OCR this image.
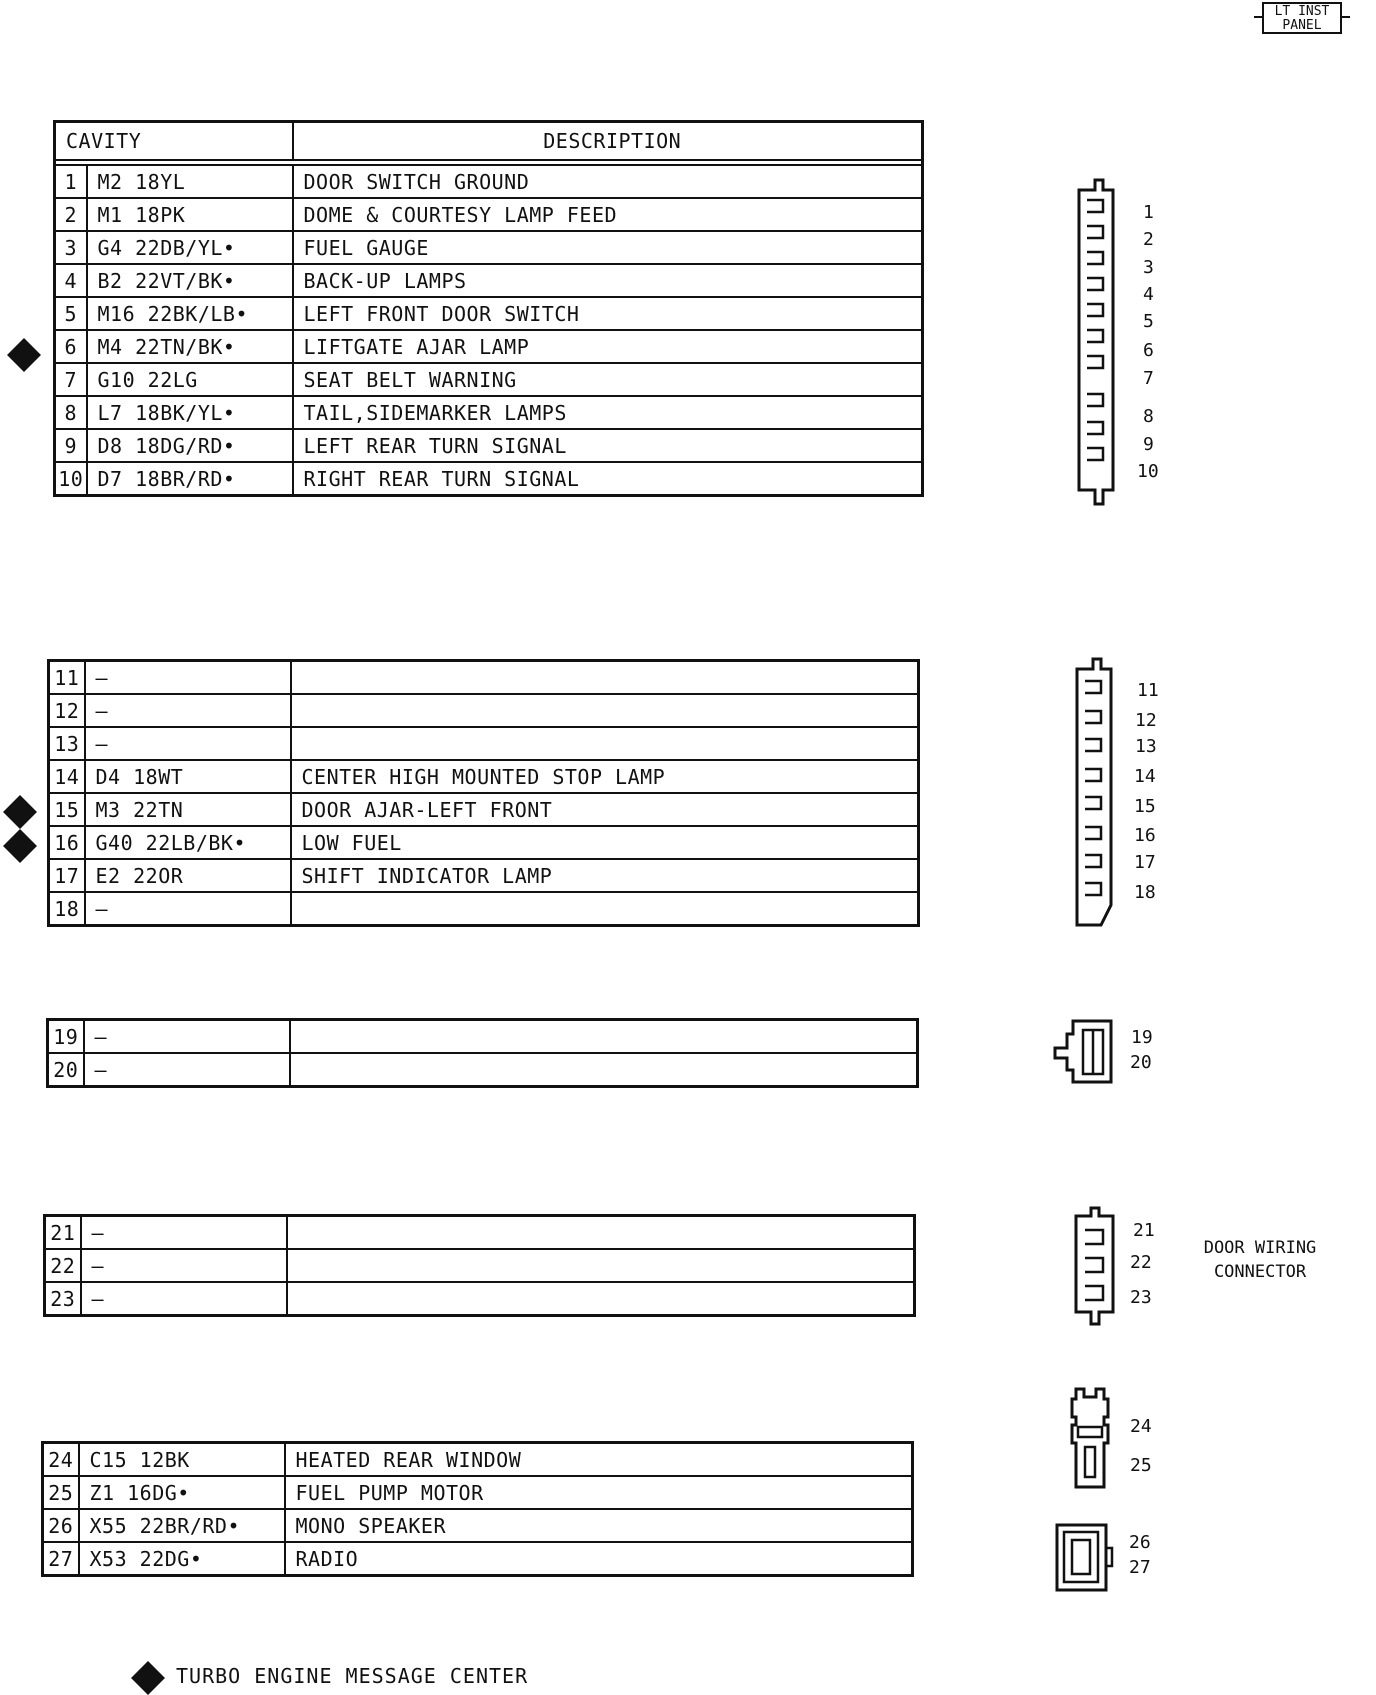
LT INST
PANEL
CAVITY		DESCRIPTION

1	M2 18YL	DOOR SWITCH GROUND
2	M1 18PK	DOME & COURTESY LAMP FEED
3	G4 22DB/YL•	FUEL GAUGE
4	B2 22VT/BK•	BACK-UP LAMPS
5	M16 22BK/LB•	LEFT FRONT DOOR SWITCH
6	M4 22TN/BK•	LIFTGATE AJAR LAMP
7	G10 22LG	SEAT BELT WARNING
8	L7 18BK/YL•	TAIL,SIDEMARKER LAMPS
9	D8 18DG/RD•	LEFT REAR TURN SIGNAL
10	D7 18BR/RD•	RIGHT REAR TURN SIGNAL
11	—	
12	—	
13	—	
14	D4 18WT	CENTER HIGH MOUNTED STOP LAMP
15	M3 22TN	DOOR AJAR-LEFT FRONT
16	G40 22LB/BK•	LOW FUEL
17	E2 22OR	SHIFT INDICATOR LAMP
18	—	
19	—	
20	—	
21	—	
22	—	
23	—	
24	C15 12BK	HEATED REAR WINDOW
25	Z1 16DG•	FUEL PUMP MOTOR
26	X55 22BR/RD•	MONO SPEAKER
27	X53 22DG•	RADIO
1
2
3
4
5
6
7
8
9
10
11
12
13
14
15
16
17
18
19
20
21
22
23
DOOR WIRING
CONNECTOR
24
25
26
27
TURBO ENGINE MESSAGE CENTER
